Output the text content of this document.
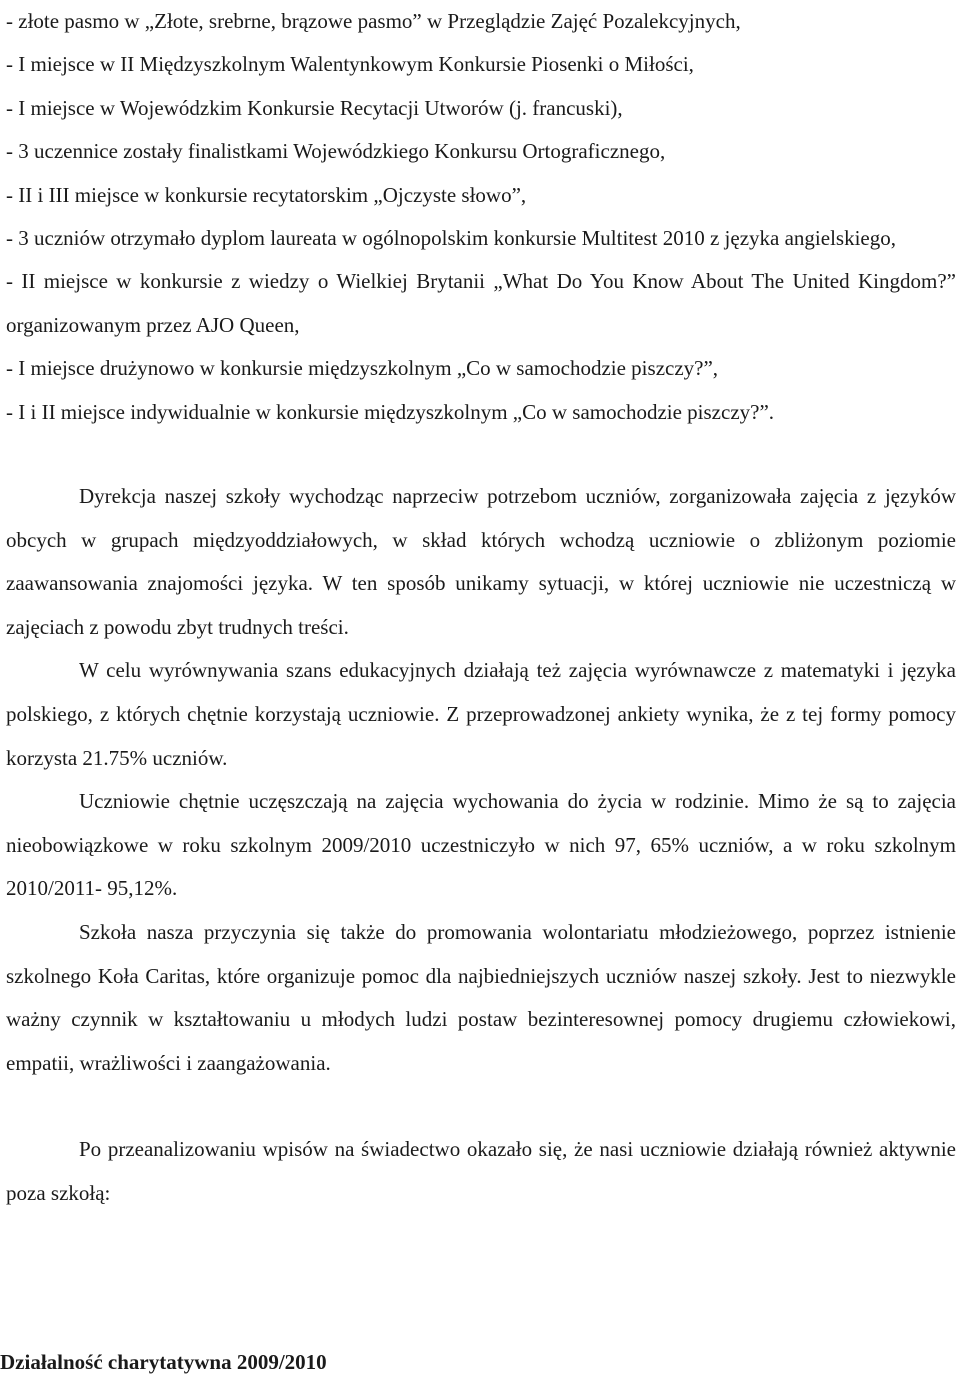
- złote pasmo w „Złote, srebrne, brązowe pasmo” w Przeglądzie Zajęć Pozalekcyjnych,
- I miejsce w II Międzyszkolnym Walentynkowym Konkursie Piosenki o Miłości,
- I miejsce w Wojewódzkim Konkursie Recytacji Utworów (j. francuski),
- 3 uczennice zostały finalistkami Wojewódzkiego Konkursu Ortograficznego,
- II i III miejsce w konkursie recytatorskim „Ojczyste słowo”,
- 3 uczniów otrzymało dyplom laureata w ogólnopolskim konkursie Multitest 2010 z języka angielskiego,
- II miejsce w konkursie z wiedzy o Wielkiej Brytanii „What Do You Know About The United Kingdom?” organizowanym przez AJO Queen,
- I miejsce drużynowo w konkursie międzyszkolnym „Co w samochodzie piszczy?”,
- I i II miejsce indywidualnie w konkursie międzyszkolnym „Co w samochodzie piszczy?”.

Dyrekcja naszej szkoły wychodząc naprzeciw potrzebom uczniów, zorganizowała zajęcia z języków obcych w grupach międzyoddziałowych, w skład których wchodzą uczniowie o zbliżonym poziomie zaawansowania znajomości języka. W ten sposób unikamy sytuacji, w której uczniowie nie uczestniczą w zajęciach z powodu zbyt trudnych treści.

W celu wyrównywania szans edukacyjnych działają też zajęcia wyrównawcze z matematyki i języka polskiego, z których chętnie korzystają uczniowie. Z przeprowadzonej ankiety wynika, że z tej formy pomocy korzysta 21.75% uczniów.

Uczniowie chętnie uczęszczają na zajęcia wychowania do życia w rodzinie. Mimo że są to zajęcia nieobowiązkowe w roku szkolnym 2009/2010 uczestniczyło w nich 97, 65% uczniów, a w roku szkolnym 2010/2011- 95,12%.

Szkoła nasza przyczynia się także do promowania wolontariatu młodzieżowego, poprzez istnienie szkolnego Koła Caritas, które organizuje pomoc dla najbiedniejszych uczniów naszej szkoły. Jest to niezwykle ważny czynnik w kształtowaniu u młodych ludzi postaw bezinteresownej pomocy drugiemu człowiekowi, empatii, wrażliwości i zaangażowania.

Po przeanalizowaniu wpisów na świadectwo okazało się, że nasi uczniowie działają również aktywnie poza szkołą:

Działalność charytatywna 2009/2010
